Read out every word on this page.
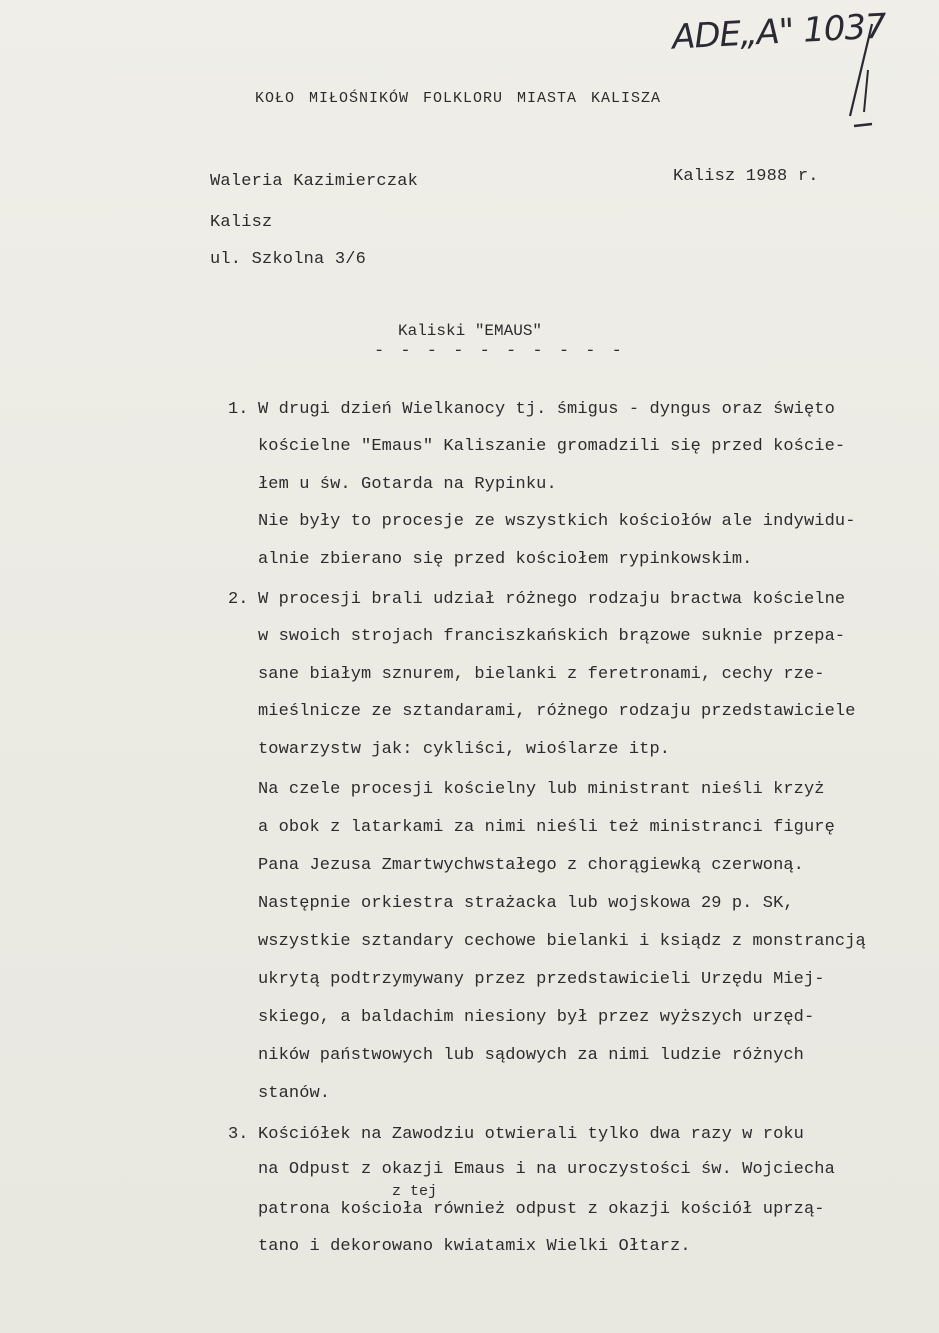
ADE„A" 1037
KOŁO MIŁOŚNIKÓW FOLKLORU MIASTA KALISZA
Waleria Kazimierczak	Kalisz 1988 r.
Kalisz
ul. Szkolna 3/6
Kaliski "EMAUS"
- - - - - - - - - -
1. W drugi dzień Wielkanocy tj. śmigus - dyngus oraz święto
kościelne "Emaus" Kaliszanie gromadzili się przed koście-
łem u św. Gotarda na Rypinku.
Nie były to procesje ze wszystkich kościołów ale indywidu-
alnie zbierano się przed kościołem rypinkowskim.
2. W procesji brali udział różnego rodzaju bractwa kościelne
w swoich strojach franciszkańskich brązowe suknie przepa-
sane białym sznurem, bielanki z feretronami, cechy rze-
mieślnicze ze sztandarami, różnego rodzaju przedstawiciele
towarzystw jak: cykliści, wioślarze itp.
Na czele procesji kościelny lub ministrant nieśli krzyż
a obok z latarkami za nimi nieśli też ministranci figurę
Pana Jezusa Zmartwychwstałego z chorągiewką czerwoną.
Następnie orkiestra strażacka lub wojskowa 29 p. SK,
wszystkie sztandary cechowe bielanki i ksiądz z monstrancją
ukrytą podtrzymywany przez przedstawicieli Urzędu Miej-
skiego, a baldachim niesiony był przez wyższych urzęd-
ników państwowych lub sądowych za nimi ludzie różnych
stanów.
3. Kościółek na Zawodziu otwierali tylko dwa razy w roku
na Odpust z okazji Emaus i na uroczystości św. Wojciecha
patrona kościoła również odpust z okazji kościół uprzą-
tano i dekorowano kwiatamix Wielki Ołtarz.
z tej
